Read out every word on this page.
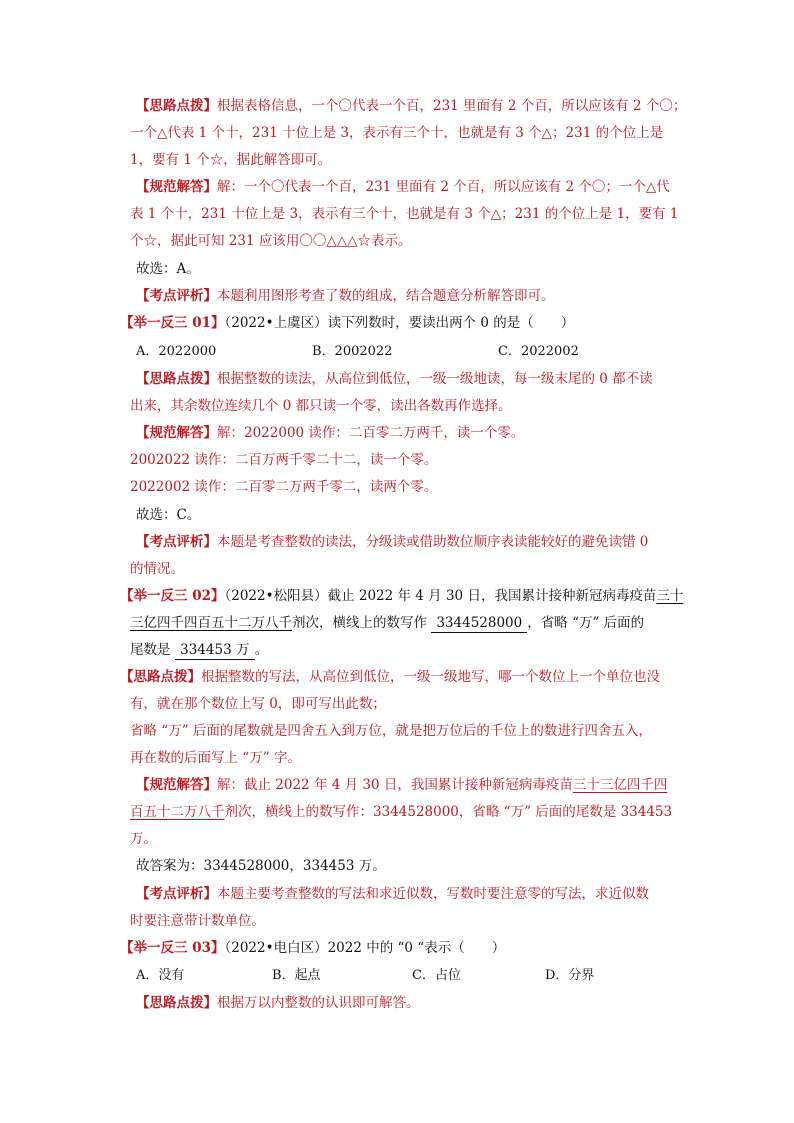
【思路点拨】根据表格信息，一个〇代表一个百，231 里面有 2 个百，所以应该有 2 个〇；
一个△代表 1 个十，231 十位上是 3，表示有三个十，也就是有 3 个△；231 的个位上是
1，要有 1 个☆，据此解答即可。
【规范解答】解：一个〇代表一个百，231 里面有 2 个百，所以应该有 2 个〇；一个△代
表 1 个十，231 十位上是 3，表示有三个十，也就是有 3 个△；231 的个位上是 1，要有 1
个☆，据此可知 231 应该用〇〇△△△☆表示。
故选：A。
【考点评析】本题利用图形考查了数的组成，结合题意分析解答即可。
【举一反三 01】（2022•上虞区）读下列数时，要读出两个 0 的是（　　）
A．2022000	B．2002022	C．2022002
【思路点拨】根据整数的读法，从高位到低位，一级一级地读，每一级末尾的 0 都不读
出来，其余数位连续几个 0 都只读一个零，读出各数再作选择。
【规范解答】解：2022000 读作：二百零二万两千，读一个零。
2002022 读作：二百万两千零二十二，读一个零。
2022002 读作：二百零二万两千零二，读两个零。
故选：C。
【考点评析】本题是考查整数的读法，分级读或借助数位顺序表读能较好的避免读错 0
的情况。
【举一反三 02】（2022•松阳县）截止 2022 年 4 月 30 日，我国累计接种新冠病毒疫苗三十
三亿四千四百五十二万八千剂次，横线上的数写作 3344528000 ，省略 “万” 后面的
尾数是 334453 万 。
【思路点拨】根据整数的写法，从高位到低位，一级一级地写，哪一个数位上一个单位也没
有，就在那个数位上写 0，即可写出此数；
省略 “万” 后面的尾数就是四舍五入到万位，就是把万位后的千位上的数进行四舍五入，
再在数的后面写上 “万” 字。
【规范解答】解：截止 2022 年 4 月 30 日，我国累计接种新冠病毒疫苗三十三亿四千四
百五十二万八千剂次，横线上的数写作：3344528000，省略 “万” 后面的尾数是 334453
万。
故答案为：3344528000，334453 万。
【考点评析】本题主要考查整数的写法和求近似数，写数时要注意零的写法，求近似数
时要注意带计数单位。
【举一反三 03】（2022•电白区）2022 中的 “0 “表示（　　）
A．没有	B．起点	C．占位	D．分界
【思路点拨】根据万以内整数的认识即可解答。
